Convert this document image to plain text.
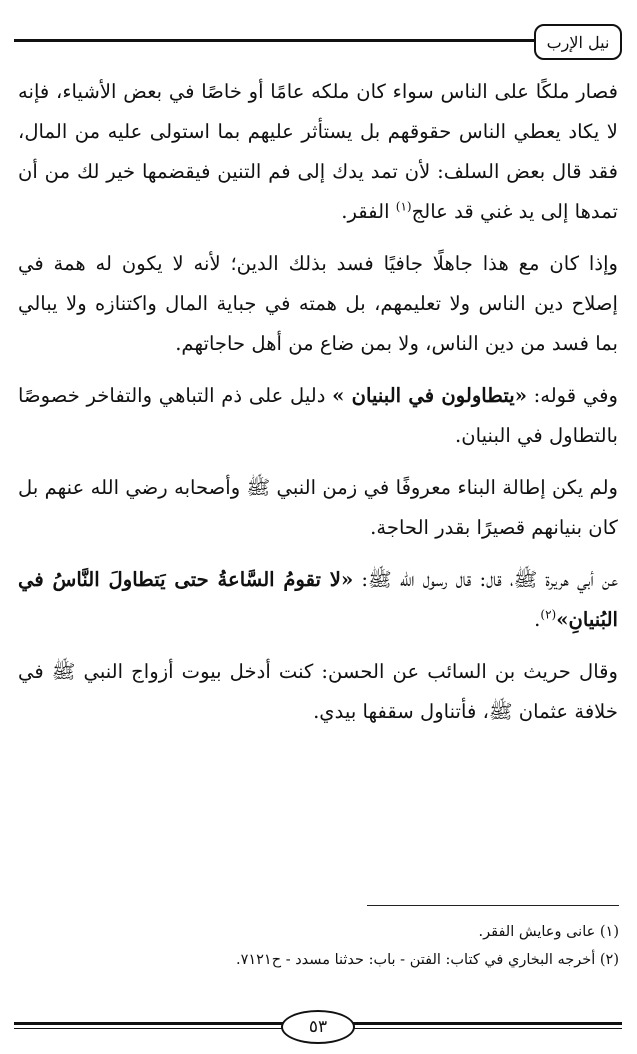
نيل الإرب

فصار ملكًا على الناس سواء كان ملكه عامًا أو خاصًا في بعض الأشياء، فإنه لا يكاد يعطي الناس حقوقهم بل يستأثر عليهم بما استولى عليه من المال، فقد قال بعض السلف: لأن تمد يدك إلى فم التنين فيقضمها خير لك من أن تمدها إلى يد غني قد عالج$^{(١)}$ الفقر.

وإذا كان مع هذا جاهلًا جافيًا فسد بذلك الدين؛ لأنه لا يكون له همة في إصلاح دين الناس ولا تعليمهم، بل همته في جباية المال واكتنازه ولا يبالي بما فسد من دين الناس، ولا بمن ضاع من أهل حاجاتهم.

وفي قوله: «يتطاولون في البنيان » دليل على ذم التباهي والتفاخر خصوصًا بالتطاول في البنيان.

ولم يكن إطالة البناء معروفًا في زمن النبي ﷺ وأصحابه رضي الله عنهم بل كان بنيانهم قصيرًا بقدر الحاجة.

عن أبي هريرة ﷺ، قال: قال رسول الله ﷺ: «لا تقومُ السَّاعةُ حتى يَتطاولَ النَّاسُ في البُنيانِ»$^{(٢)}$.

وقال حريث بن السائب عن الحسن: كنت أدخل بيوت أزواج النبي ﷺ في خلافة عثمان ﷺ، فأتناول سقفها بيدي.

(١) عانى وعايش الفقر.

(٢) أخرجه البخاري في كتاب: الفتن - باب: حدثنا مسدد - ح٧١٢١.

٥٣
